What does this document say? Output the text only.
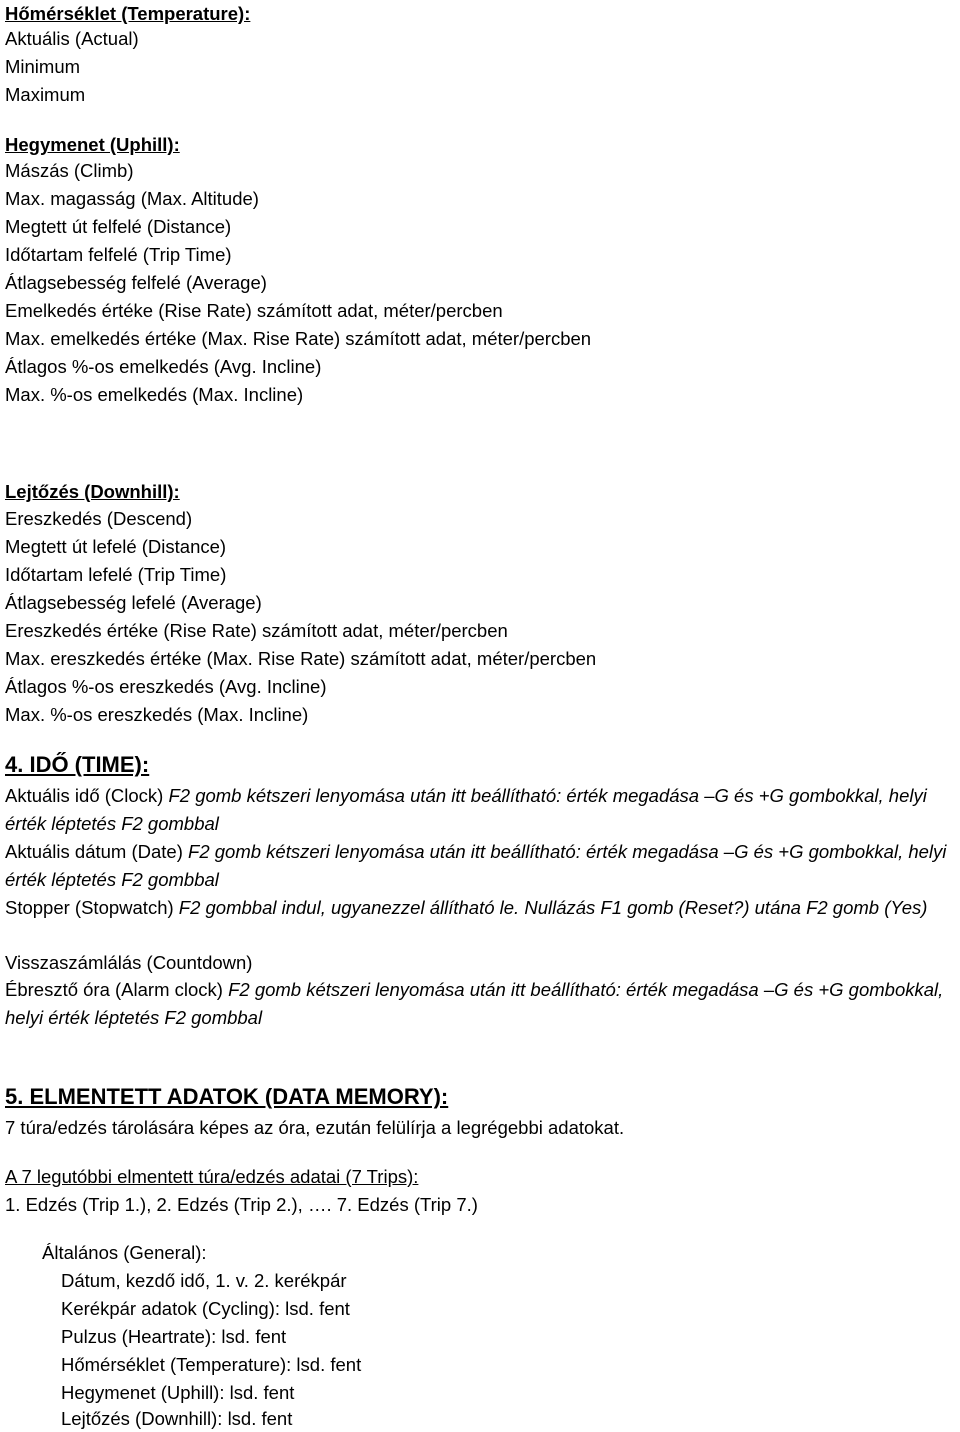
Hőmérséklet (Temperature):
Aktuális (Actual)
Minimum
Maximum
Hegymenet (Uphill):
Mászás (Climb)
Max. magasság (Max. Altitude)
Megtett út felfelé (Distance)
Időtartam felfelé (Trip Time)
Átlagsebesség felfelé (Average)
Emelkedés értéke (Rise Rate) számított adat, méter/percben
Max. emelkedés értéke (Max. Rise Rate) számított adat, méter/percben
Átlagos %-os emelkedés (Avg. Incline)
Max. %-os emelkedés (Max. Incline)
Lejtőzés (Downhill):
Ereszkedés (Descend)
Megtett út lefelé (Distance)
Időtartam lefelé (Trip Time)
Átlagsebesség lefelé (Average)
Ereszkedés értéke (Rise Rate) számított adat, méter/percben
Max. ereszkedés értéke (Max. Rise Rate) számított adat, méter/percben
Átlagos %-os ereszkedés (Avg. Incline)
Max. %-os ereszkedés (Max. Incline)
4. IDŐ (TIME):
Aktuális idő (Clock) F2 gomb kétszeri lenyomása után itt beállítható: érték megadása –G és +G gombokkal, helyi érték léptetés F2 gombbal
Aktuális dátum (Date) F2 gomb kétszeri lenyomása után itt beállítható: érték megadása –G és +G gombokkal, helyi érték léptetés F2 gombbal
Stopper (Stopwatch) F2 gombbal indul, ugyanezzel állítható le. Nullázás F1 gomb (Reset?) utána F2 gomb (Yes)
Visszaszámlálás (Countdown)
Ébresztő óra (Alarm clock) F2 gomb kétszeri lenyomása után itt beállítható: érték megadása –G és +G gombokkal, helyi érték léptetés F2 gombbal
5. ELMENTETT ADATOK (DATA MEMORY):
7 túra/edzés tárolására képes az óra, ezután felülírja a legrégebbi adatokat.
A 7 legutóbbi elmentett túra/edzés adatai (7 Trips):
1. Edzés (Trip 1.), 2. Edzés (Trip 2.), …. 7. Edzés (Trip 7.)
Általános (General):
Dátum, kezdő idő, 1. v. 2. kerékpár
Kerékpár adatok (Cycling): lsd. fent
Pulzus (Heartrate): lsd. fent
Hőmérséklet (Temperature): lsd. fent
Hegymenet (Uphill): lsd. fent
Lejtőzés (Downhill): lsd. fent
